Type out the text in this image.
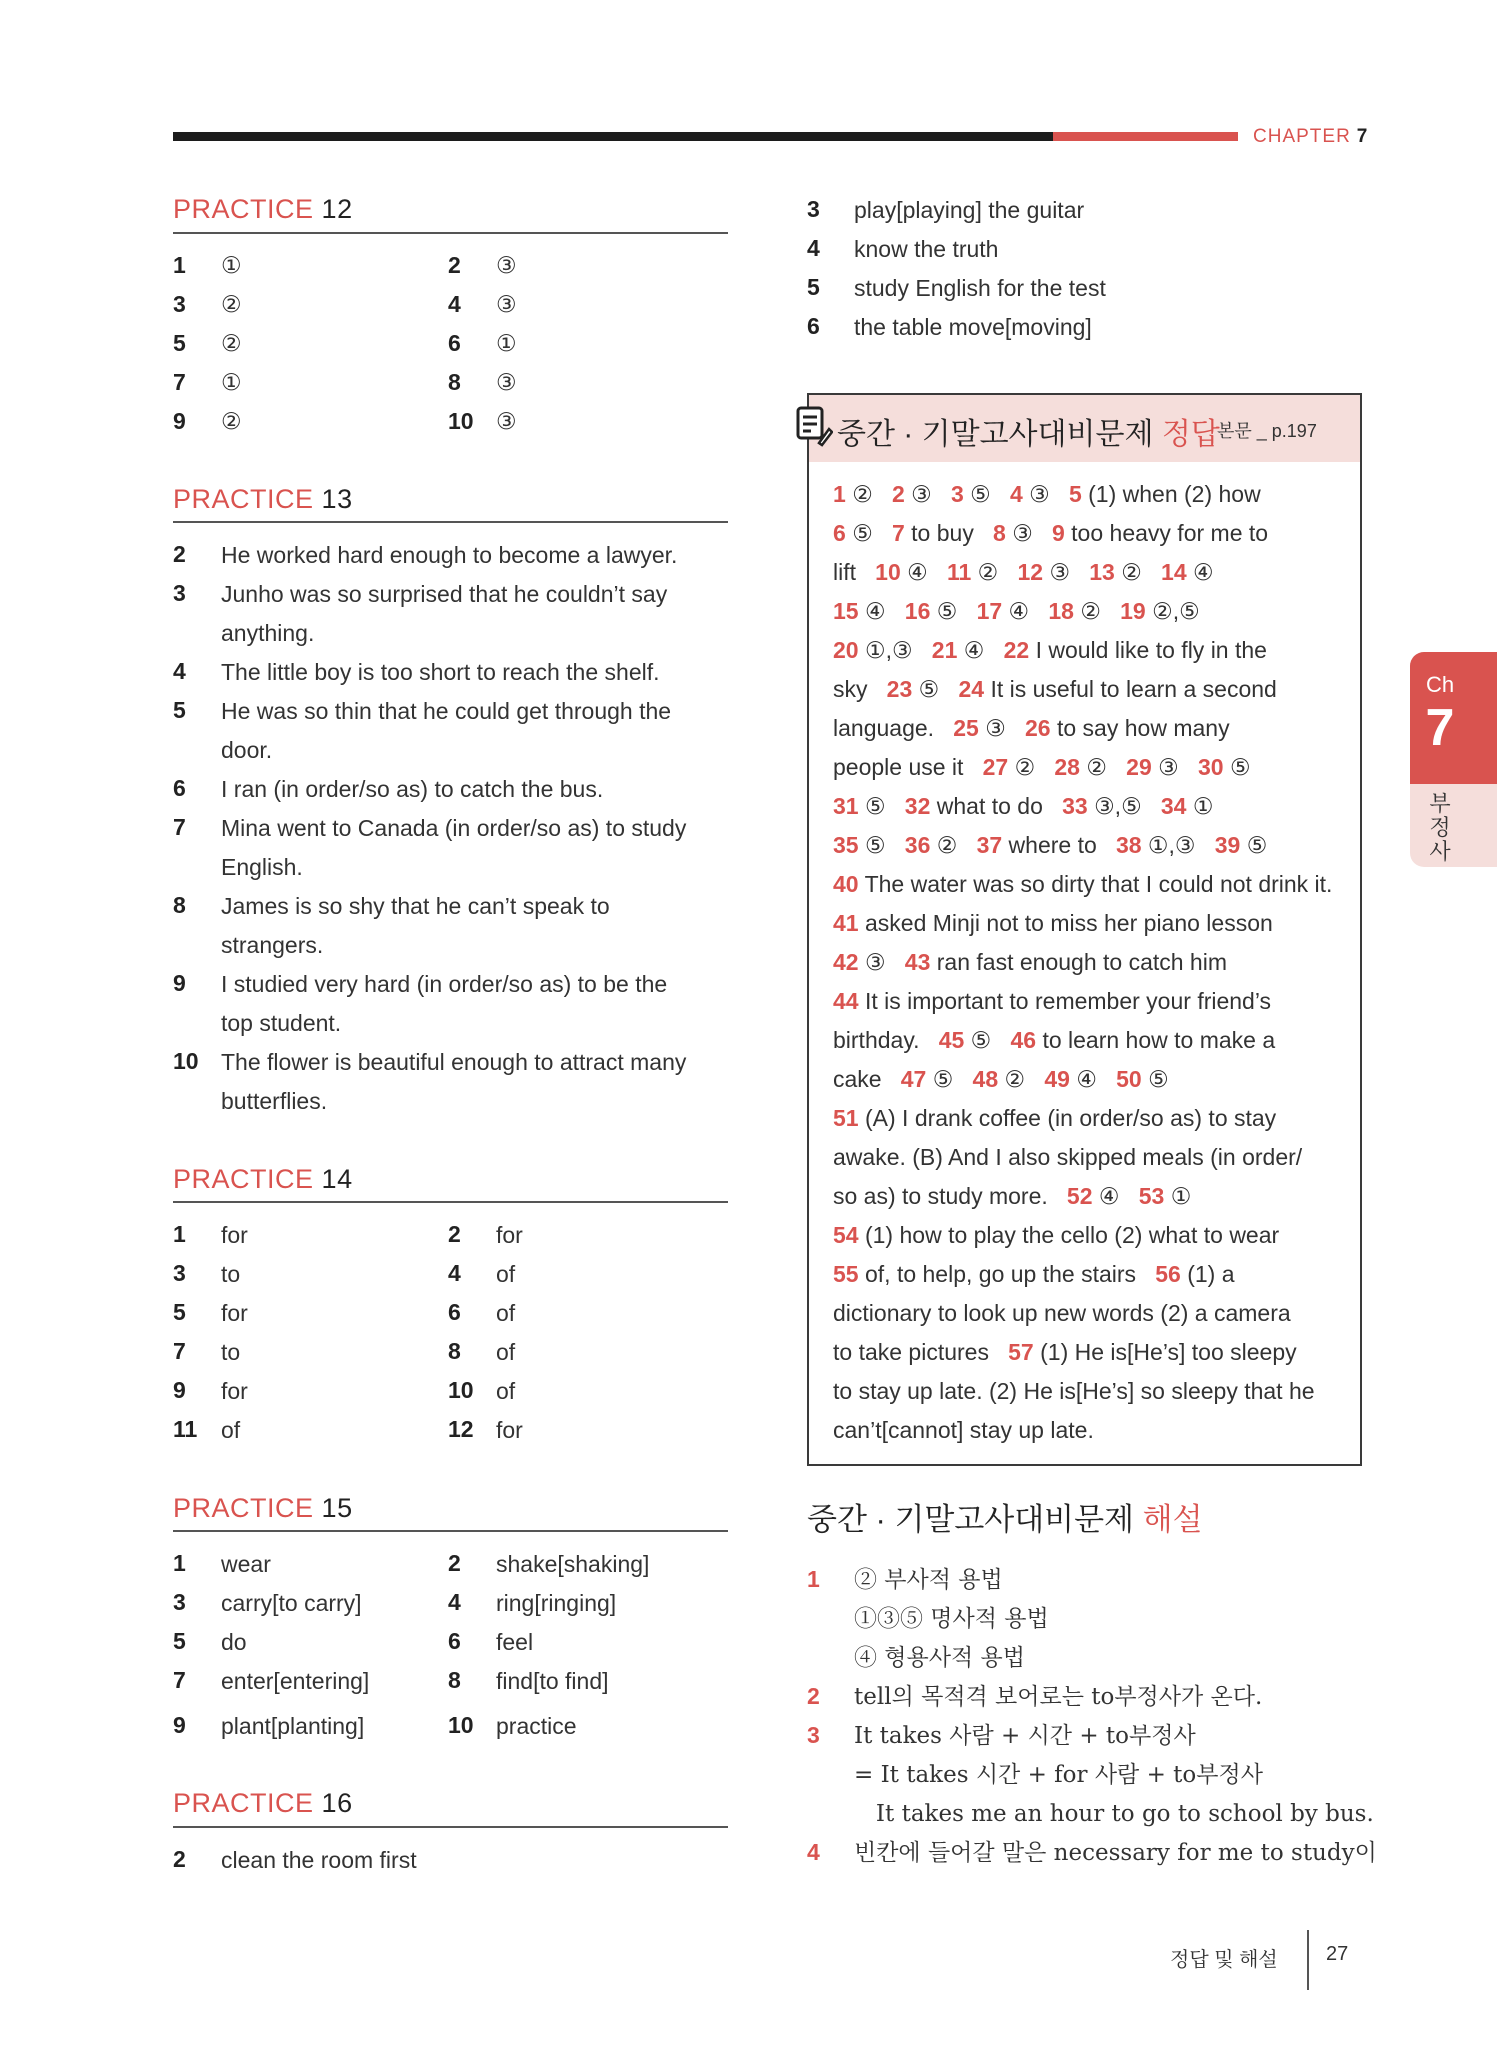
CHAPTER 7
Ch
7
부
정
사
PRACTICE 12
1 ①	2 ③
3 ②	4 ③
5 ②	6 ①
7 ①	8 ③
9 ②	10 ③
PRACTICE 13
2 He worked hard enough to become a lawyer.
3 Junho was so surprised that he couldn’t say
anything.
4 The little boy is too short to reach the shelf.
5 He was so thin that he could get through the
door.
6 I ran (in order/so as) to catch the bus.
7 Mina went to Canada (in order/so as) to study
English.
8 James is so shy that he can’t speak to
strangers.
9 I studied very hard (in order/so as) to be the
top student.
10 The flower is beautiful enough to attract many
butterflies.
PRACTICE 14
1 for	2 for
3 to	4 of
5 for	6 of
7 to	8 of
9 for	10 of
11 of	12 for
PRACTICE 15
1 wear	2 shake[shaking]
3 carry[to carry]	4 ring[ringing]
5 do	6 feel
7 enter[entering]	8 find[to find]
9 plant[planting]	10 practice
PRACTICE 16
2 clean the room first
3 play[playing] the guitar
4 know the truth
5 study English for the test
6 the table move[moving]
중간 · 기말고사대비문제 정답
본문 _ p.197
1 ② 2 ③ 3 ⑤ 4 ③ 5 (1) when (2) how
6 ⑤ 7 to buy 8 ③ 9 too heavy for me to
lift 10 ④ 11 ② 12 ③ 13 ② 14 ④
15 ④ 16 ⑤ 17 ④ 18 ② 19 ②,⑤
20 ①,③ 21 ④ 22 I would like to fly in the
sky 23 ⑤ 24 It is useful to learn a second
language. 25 ③ 26 to say how many
people use it 27 ② 28 ② 29 ③ 30 ⑤
31 ⑤ 32 what to do 33 ③,⑤ 34 ①
35 ⑤ 36 ② 37 where to 38 ①,③ 39 ⑤
40 The water was so dirty that I could not drink it.
41 asked Minji not to miss her piano lesson
42 ③ 43 ran fast enough to catch him
44 It is important to remember your friend’s
birthday. 45 ⑤ 46 to learn how to make a
cake 47 ⑤ 48 ② 49 ④ 50 ⑤
51 (A) I drank coffee (in order/so as) to stay
awake. (B) And I also skipped meals (in order/
so as) to study more. 52 ④ 53 ①
54 (1) how to play the cello (2) what to wear
55 of, to help, go up the stairs 56 (1) a
dictionary to look up new words (2) a camera
to take pictures 57 (1) He is[He’s] too sleepy
to stay up late. (2) He is[He’s] so sleepy that he
can’t[cannot] stay up late.
중간 · 기말고사대비문제 해설
1 ② 부사적 용법
①③⑤ 명사적 용법
④ 형용사적 용법
2 tell의 목적격 보어로는 to부정사가 온다.
3 It takes 사람 + 시간 + to부정사
= It takes 시간 + for 사람 + to부정사
It takes me an hour to go to school by bus.
4 빈칸에 들어갈 말은 necessary for me to study이
정답 및 해설 27
